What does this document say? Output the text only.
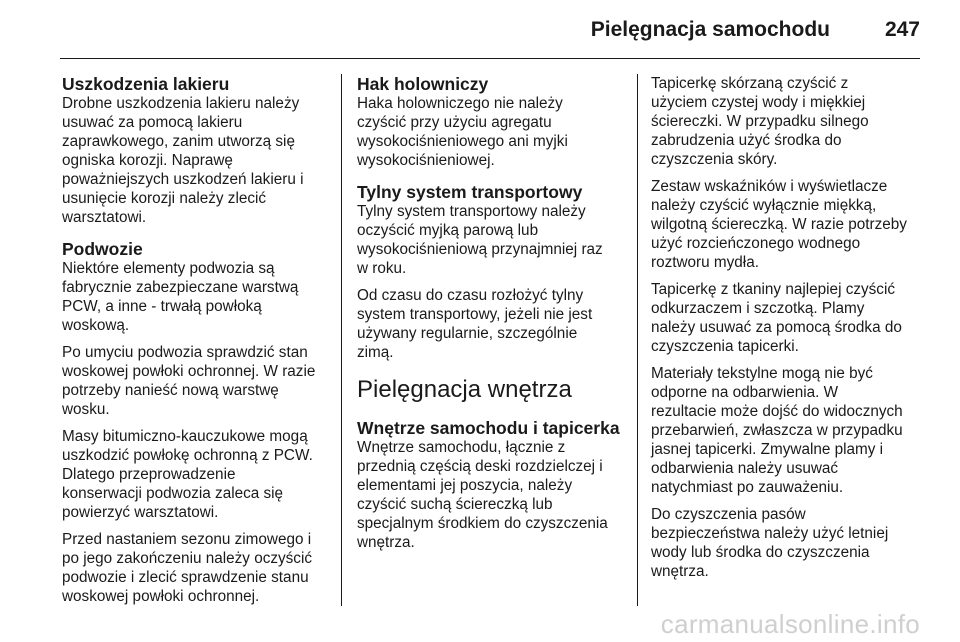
Pielęgnacja samochodu	247
Uszkodzenia lakieru

Drobne uszkodzenia lakieru należy
usuwać za pomocą lakieru
zaprawkowego, zanim utworzą się
ogniska korozji. Naprawę
poważniejszych uszkodzeń lakieru i
usunięcie korozji należy zlecić
warsztatowi.

Podwozie

Niektóre elementy podwozia są
fabrycznie zabezpieczane warstwą
PCW, a inne - trwałą powłoką
woskową.

Po umyciu podwozia sprawdzić stan
woskowej powłoki ochronnej. W razie
potrzeby nanieść nową warstwę
wosku.

Masy bitumiczno-kauczukowe mogą
uszkodzić powłokę ochronną z PCW.
Dlatego przeprowadzenie
konserwacji podwozia zaleca się
powierzyć warsztatowi.

Przed nastaniem sezonu zimowego i
po jego zakończeniu należy oczyścić
podwozie i zlecić sprawdzenie stanu
woskowej powłoki ochronnej.

Hak holowniczy

Haka holowniczego nie należy
czyścić przy użyciu agregatu
wysokociśnieniowego ani myjki
wysokociśnieniowej.

Tylny system transportowy

Tylny system transportowy należy
oczyścić myjką parową lub
wysokociśnieniową przynajmniej raz
w roku.

Od czasu do czasu rozłożyć tylny
system transportowy, jeżeli nie jest
używany regularnie, szczególnie
zimą.

Pielęgnacja wnętrza
Wnętrze samochodu i tapicerka

Wnętrze samochodu, łącznie z
przednią częścią deski rozdzielczej i
elementami jej poszycia, należy
czyścić suchą ściereczką lub
specjalnym środkiem do czyszczenia
wnętrza.

Tapicerkę skórzaną czyścić z
użyciem czystej wody i miękkiej
ściereczki. W przypadku silnego
zabrudzenia użyć środka do
czyszczenia skóry.

Zestaw wskaźników i wyświetlacze
należy czyścić wyłącznie miękką,
wilgotną ściereczką. W razie potrzeby
użyć rozcieńczonego wodnego
roztworu mydła.

Tapicerkę z tkaniny najlepiej czyścić
odkurzaczem i szczotką. Plamy
należy usuwać za pomocą środka do
czyszczenia tapicerki.

Materiały tekstylne mogą nie być
odporne na odbarwienia. W
rezultacie może dojść do widocznych
przebarwień, zwłaszcza w przypadku
jasnej tapicerki. Zmywalne plamy i
odbarwienia należy usuwać
natychmiast po zauważeniu.

Do czyszczenia pasów
bezpieczeństwa należy użyć letniej
wody lub środka do czyszczenia
wnętrza.

carmanualsonline.info
